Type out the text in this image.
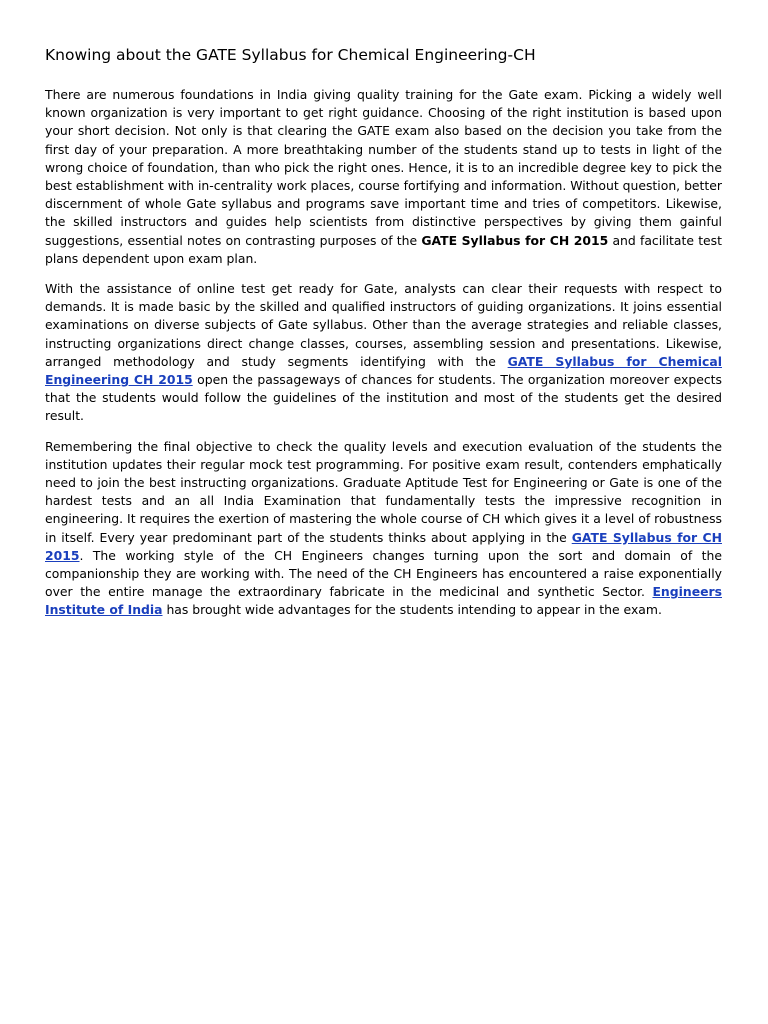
Knowing about the GATE Syllabus for Chemical Engineering-CH

There are numerous foundations in India giving quality training for the Gate exam. Picking a widely well known organization is very important to get right guidance. Choosing of the right institution is based upon your short decision. Not only is that clearing the GATE exam also based on the decision you take from the first day of your preparation. A more breathtaking number of the students stand up to tests in light of the wrong choice of foundation, than who pick the right ones. Hence, it is to an incredible degree key to pick the best establishment with in-centrality work places, course fortifying and information. Without question, better discernment of whole Gate syllabus and programs save important time and tries of competitors. Likewise, the skilled instructors and guides help scientists from distinctive perspectives by giving them gainful suggestions, essential notes on contrasting purposes of the GATE Syllabus for CH 2015 and facilitate test plans dependent upon exam plan.

With the assistance of online test get ready for Gate, analysts can clear their requests with respect to demands. It is made basic by the skilled and qualified instructors of guiding organizations. It joins essential examinations on diverse subjects of Gate syllabus. Other than the average strategies and reliable classes, instructing organizations direct change classes, courses, assembling session and presentations. Likewise, arranged methodology and study segments identifying with the GATE Syllabus for Chemical Engineering CH 2015 open the passageways of chances for students. The organization moreover expects that the students would follow the guidelines of the institution and most of the students get the desired result.

Remembering the final objective to check the quality levels and execution evaluation of the students the institution updates their regular mock test programming. For positive exam result, contenders emphatically need to join the best instructing organizations. Graduate Aptitude Test for Engineering or Gate is one of the hardest tests and an all India Examination that fundamentally tests the impressive recognition in engineering. It requires the exertion of mastering the whole course of CH which gives it a level of robustness in itself. Every year predominant part of the students thinks about applying in the GATE Syllabus for CH 2015. The working style of the CH Engineers changes turning upon the sort and domain of the companionship they are working with. The need of the CH Engineers has encountered a raise exponentially over the entire manage the extraordinary fabricate in the medicinal and synthetic Sector. Engineers Institute of India has brought wide advantages for the students intending to appear in the exam.
